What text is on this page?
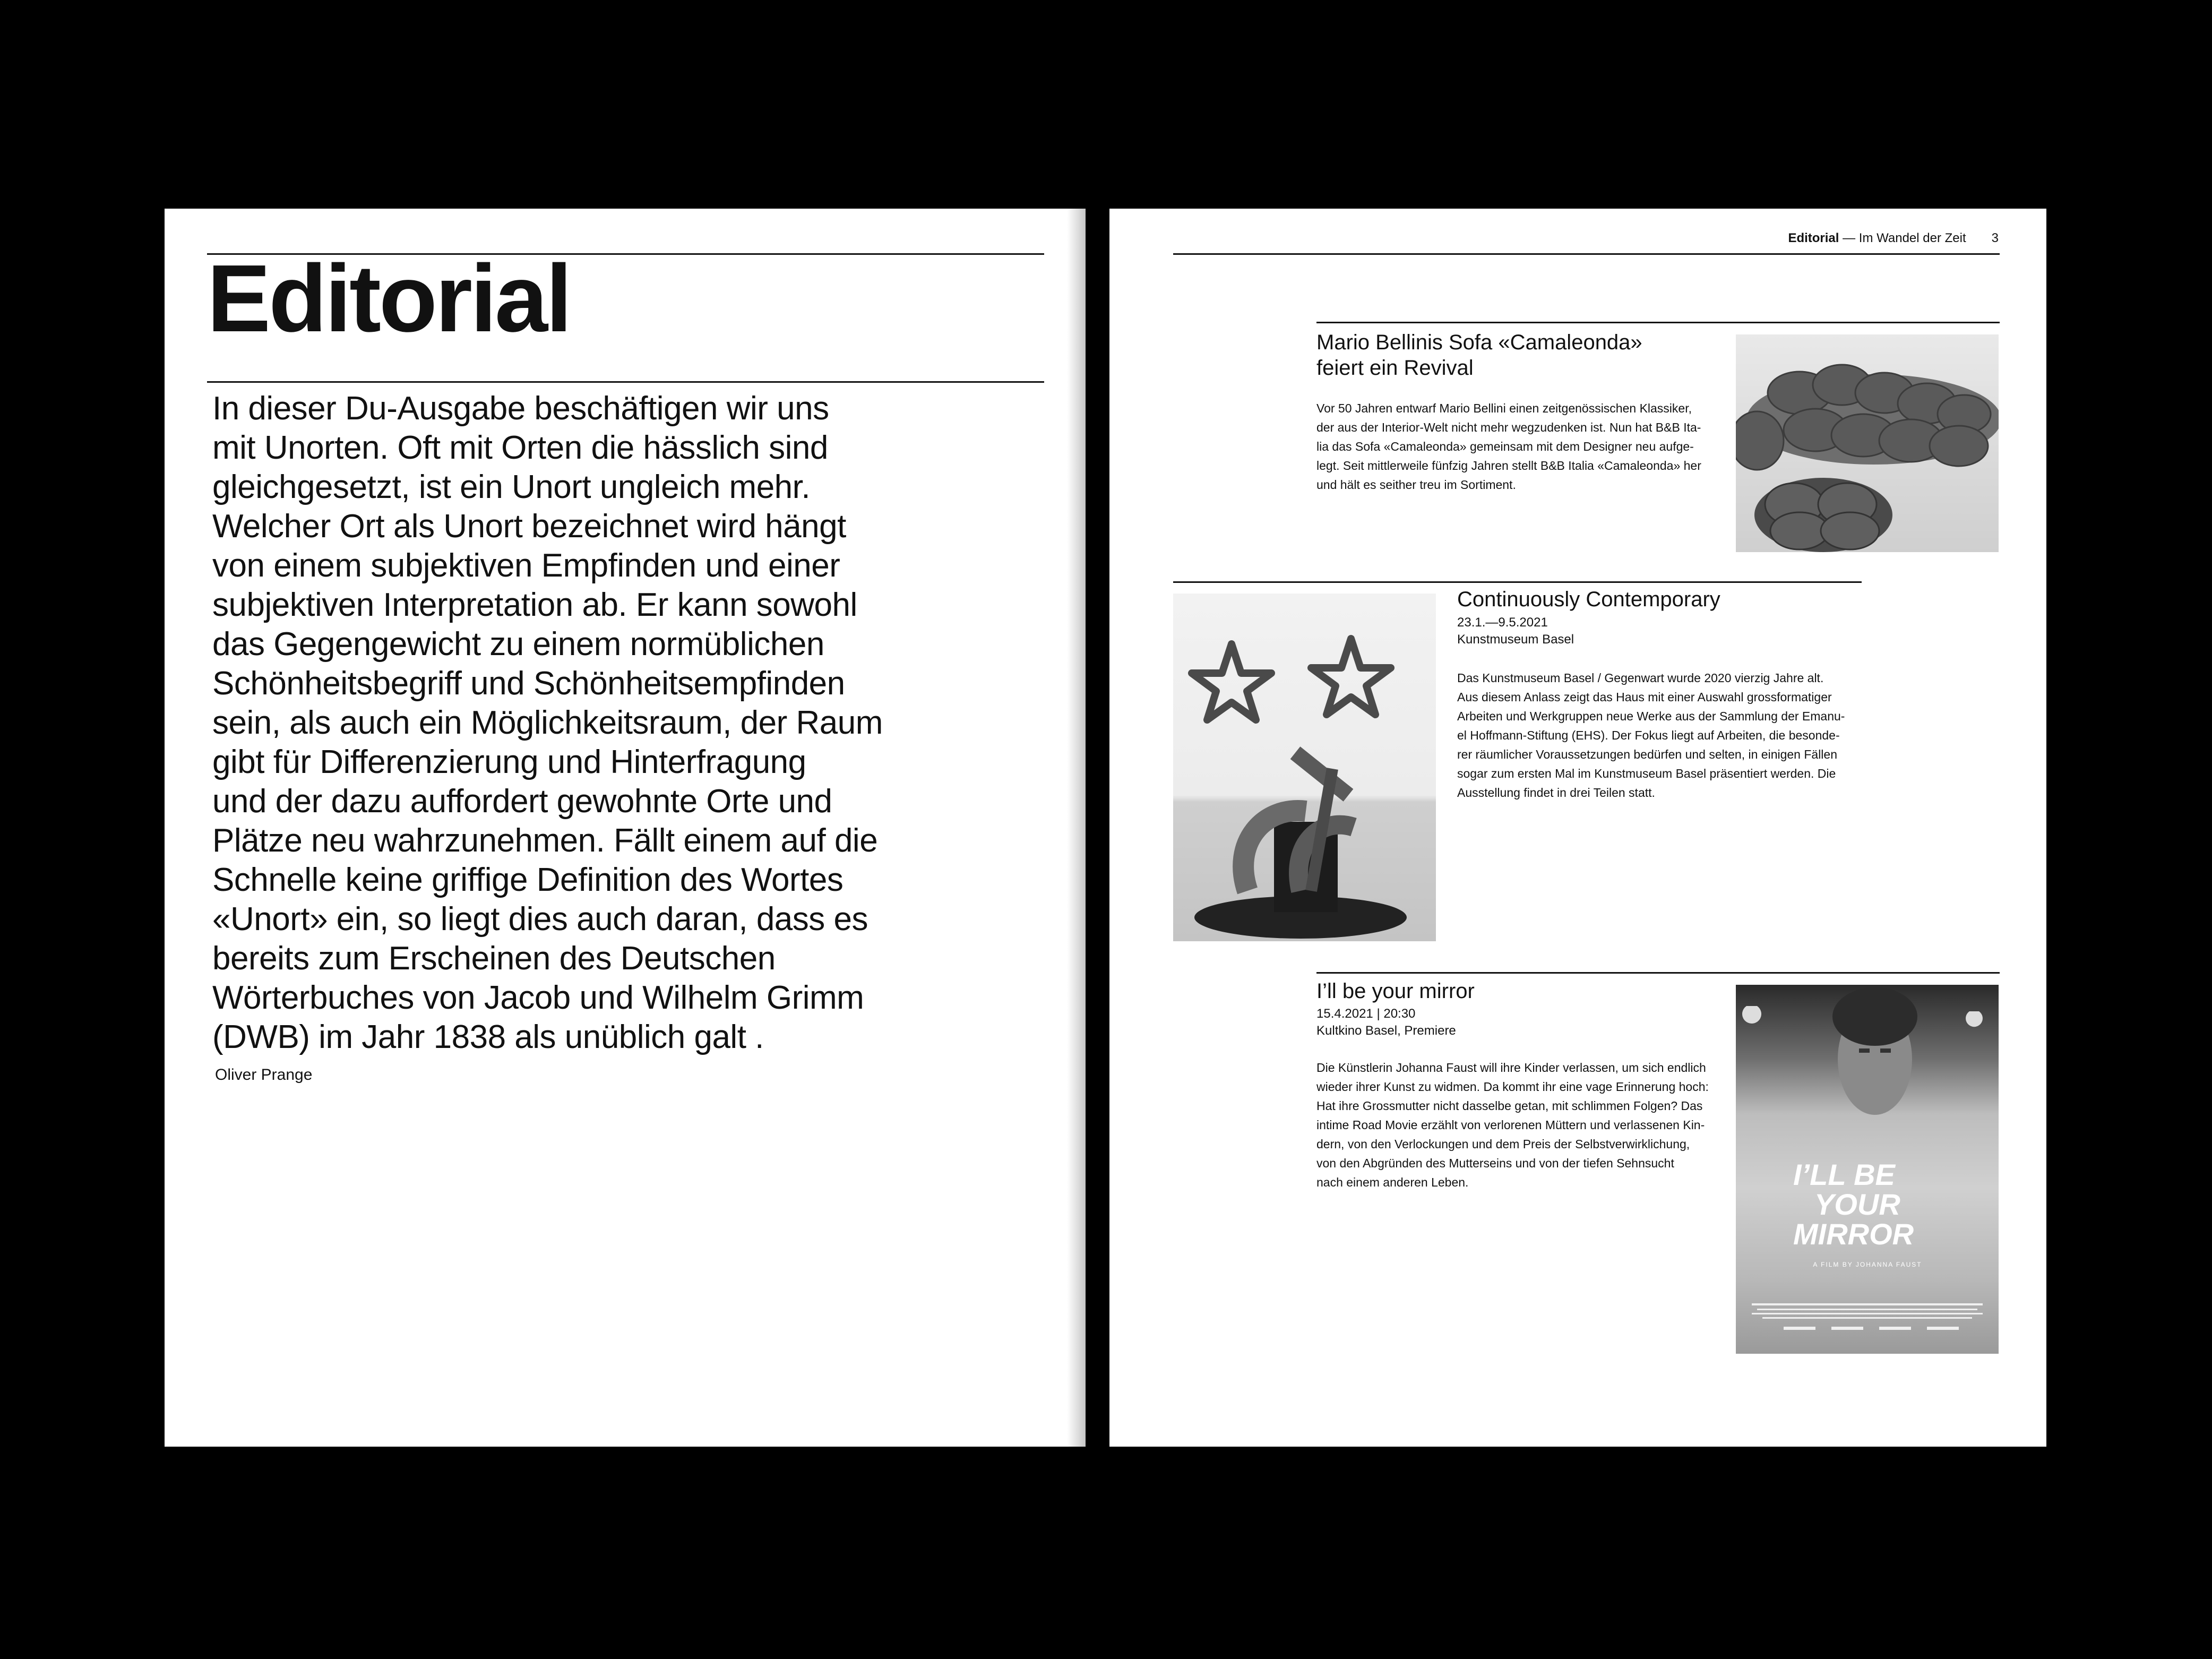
Editorial

In dieser Du-Ausgabe beschäftigen wir uns
mit Unorten. Oft mit Orten die hässlich sind
gleichgesetzt, ist ein Unort ungleich mehr.
Welcher Ort als Unort bezeichnet wird hängt
von einem subjektiven Empfinden und einer
subjektiven Interpretation ab. Er kann sowohl
das Gegengewicht zu einem normüblichen
Schönheitsbegriff und Schönheitsempfinden
sein, als auch ein Möglichkeitsraum, der Raum
gibt für Differenzierung und Hinterfragung
und der dazu auffordert gewohnte Orte und
Plätze neu wahrzunehmen. Fällt einem auf die
Schnelle keine griffige Definition des Wortes
«Unort» ein, so liegt dies auch daran, dass es
bereits zum Erscheinen des Deutschen
Wörterbuches von Jacob und Wilhelm Grimm
(DWB) im Jahr 1838 als unüblich galt .

Oliver Prange
Editorial — Im Wandel der Zeit 3
Mario Bellinis Sofa «Camaleonda»
feiert ein Revival

Vor 50 Jahren entwarf Mario Bellini einen zeitgenössischen Klassiker,
der aus der Interior-Welt nicht mehr wegzudenken ist. Nun hat B&B Ita-
lia das Sofa «Camaleonda» gemeinsam mit dem Designer neu aufge-
legt. Seit mittlerweile fünfzig Jahren stellt B&B Italia «Camaleonda» her
und hält es seither treu im Sortiment.

Continuously Contemporary
23.1.—9.5.2021
Kunstmuseum Basel

Das Kunstmuseum Basel / Gegenwart wurde 2020 vierzig Jahre alt.
Aus diesem Anlass zeigt das Haus mit einer Auswahl grossformatiger
Arbeiten und Werkgruppen neue Werke aus der Sammlung der Emanu-
el Hoffmann-Stiftung (EHS). Der Fokus liegt auf Arbeiten, die besonde-
rer räumlicher Voraussetzungen bedürfen und selten, in einigen Fällen
sogar zum ersten Mal im Kunstmuseum Basel präsentiert werden. Die
Ausstellung findet in drei Teilen statt.

I’ll be your mirror
15.4.2021 | 20:30
Kultkino Basel, Premiere

Die Künstlerin Johanna Faust will ihre Kinder verlassen, um sich endlich
wieder ihrer Kunst zu widmen. Da kommt ihr eine vage Erinnerung hoch:
Hat ihre Grossmutter nicht dasselbe getan, mit schlimmen Folgen? Das
intime Road Movie erzählt von verlorenen Müttern und verlassenen Kin-
dern, von den Verlockungen und dem Preis der Selbstverwirklichung,
von den Abgründen des Mutterseins und von der tiefen Sehnsucht
nach einem anderen Leben.	I’LL BE
YOUR
MIRROR
A FILM BY JOHANNA FAUST
